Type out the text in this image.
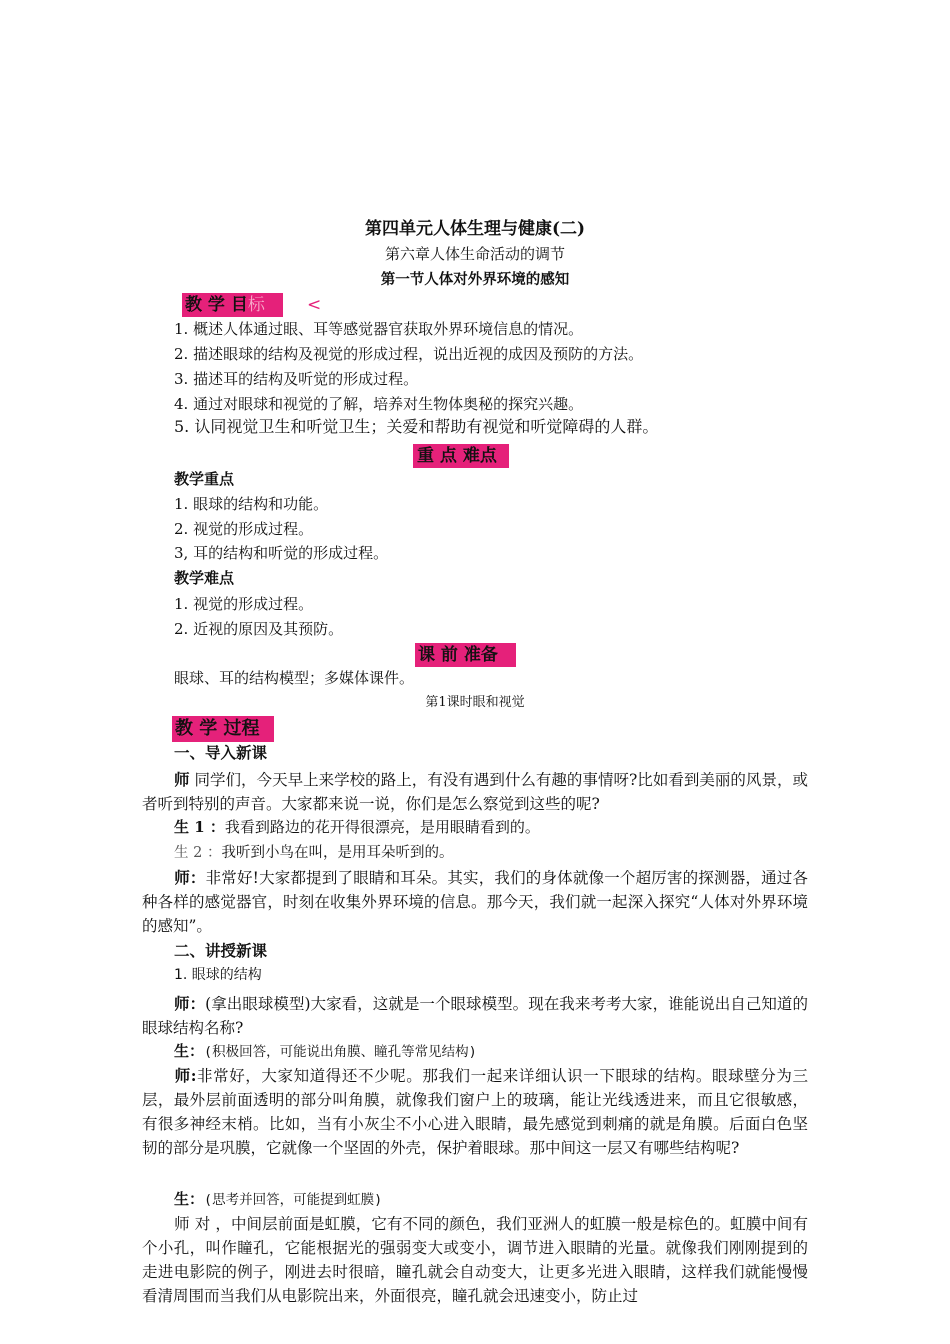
第四单元人体生理与健康(二)
第六章人体生命活动的调节
第一节人体对外界环境的感知
教 学 目标	<
1. 概述人体通过眼、耳等感觉器官获取外界环境信息的情况。
2. 描述眼球的结构及视觉的形成过程，说出近视的成因及预防的方法。
3. 描述耳的结构及听觉的形成过程。
4. 通过对眼球和视觉的了解，培养对生物体奥秘的探究兴趣。
5. 认同视觉卫生和听觉卫生；关爱和帮助有视觉和听觉障碍的人群。
重 点 难点
教学重点
1. 眼球的结构和功能。
2. 视觉的形成过程。
3, 耳的结构和听觉的形成过程。
教学难点
1. 视觉的形成过程。
2. 近视的原因及其预防。
课 前 准备
眼球、耳的结构模型；多媒体课件。
第1课时眼和视觉
教 学 过程
一、导入新课
师 同学们，今天早上来学校的路上，有没有遇到什么有趣的事情呀?比如看到美丽的风景，或者听到特别的声音。大家都来说一说，你们是怎么察觉到这些的呢?
生 1 ：我看到路边的花开得很漂亮，是用眼睛看到的。
生 2 ：我听到小鸟在叫，是用耳朵听到的。
师：非常好!大家都提到了眼睛和耳朵。其实，我们的身体就像一个超厉害的探测器，通过各种各样的感觉器官，时刻在收集外界环境的信息。那今天，我们就一起深入探究“人体对外界环境的感知”。
二、讲授新课
1. 眼球的结构
师：(拿出眼球模型)大家看，这就是一个眼球模型。现在我来考考大家，谁能说出自己知道的眼球结构名称?
生：(积极回答，可能说出角膜、瞳孔等常见结构)
师:非常好，大家知道得还不少呢。那我们一起来详细认识一下眼球的结构。眼球壁分为三层，最外层前面透明的部分叫角膜，就像我们窗户上的玻璃，能让光线透进来，而且它很敏感，有很多神经末梢。比如，当有小灰尘不小心进入眼睛，最先感觉到刺痛的就是角膜。后面白色坚韧的部分是巩膜，它就像一个坚固的外壳，保护着眼球。那中间这一层又有哪些结构呢?
生：(思考并回答，可能提到虹膜)
师 对 ，中间层前面是虹膜，它有不同的颜色，我们亚洲人的虹膜一般是棕色的。虹膜中间有个小孔，叫作瞳孔，它能根据光的强弱变大或变小，调节进入眼睛的光量。就像我们刚刚提到的走进电影院的例子，刚进去时很暗，瞳孔就会自动变大，让更多光进入眼睛，这样我们就能慢慢看清周围而当我们从电影院出来，外面很亮，瞳孔就会迅速变小，防止过
